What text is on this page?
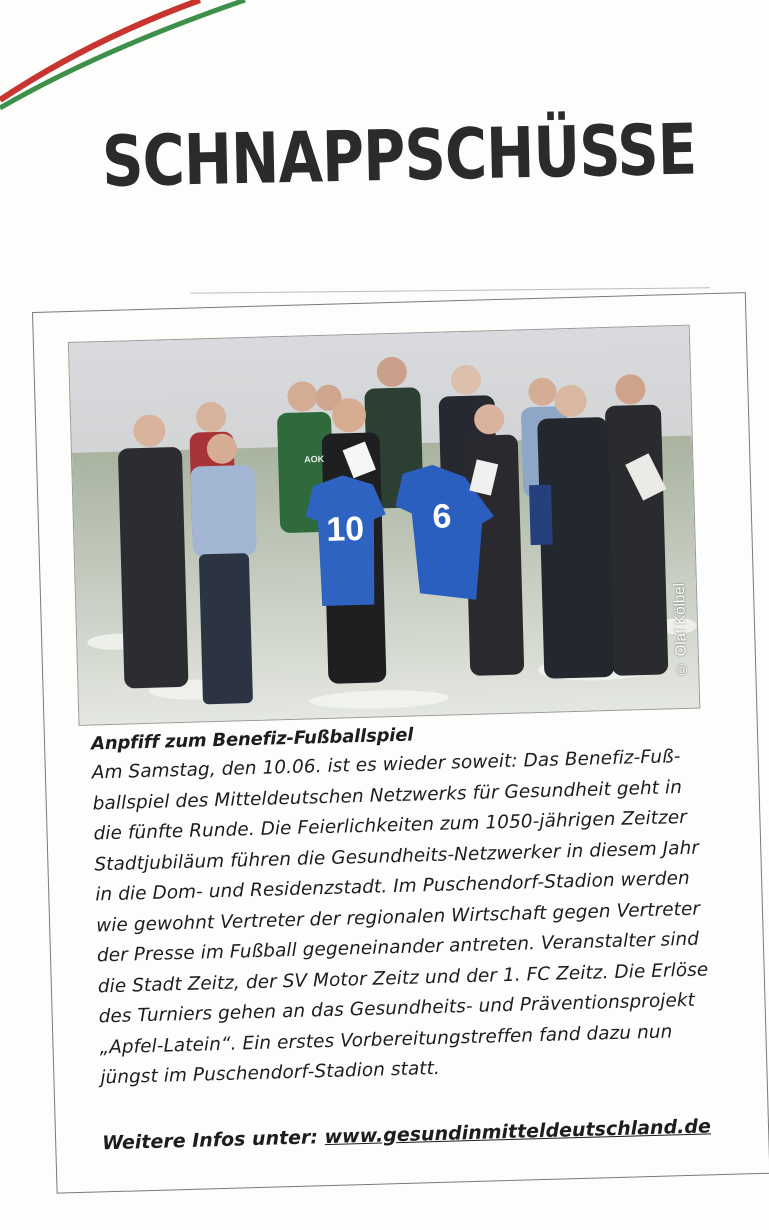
SCHNAPPSCHÜSSE
10 6
AOK
© Olaf Kölbel
Anpfiff zum Benefiz-Fußballspiel

Am Samstag, den 10.06. ist es wieder soweit: Das Benefiz-Fuß-
ballspiel des Mitteldeutschen Netzwerks für Gesundheit geht in
die fünfte Runde. Die Feierlichkeiten zum 1050-jährigen Zeitzer
Stadtjubiläum führen die Gesundheits-Netzwerker in diesem Jahr
in die Dom- und Residenzstadt. Im Puschendorf-Stadion werden
wie gewohnt Vertreter der regionalen Wirtschaft gegen Vertreter
der Presse im Fußball gegeneinander antreten. Veranstalter sind
die Stadt Zeitz, der SV Motor Zeitz und der 1. FC Zeitz. Die Erlöse
des Turniers gehen an das Gesundheits- und Präventionsprojekt
„Apfel-Latein“. Ein erstes Vorbereitungstreffen fand dazu nun
jüngst im Puschendorf-Stadion statt.

Weitere Infos unter: www.gesundinmitteldeutschland.de
